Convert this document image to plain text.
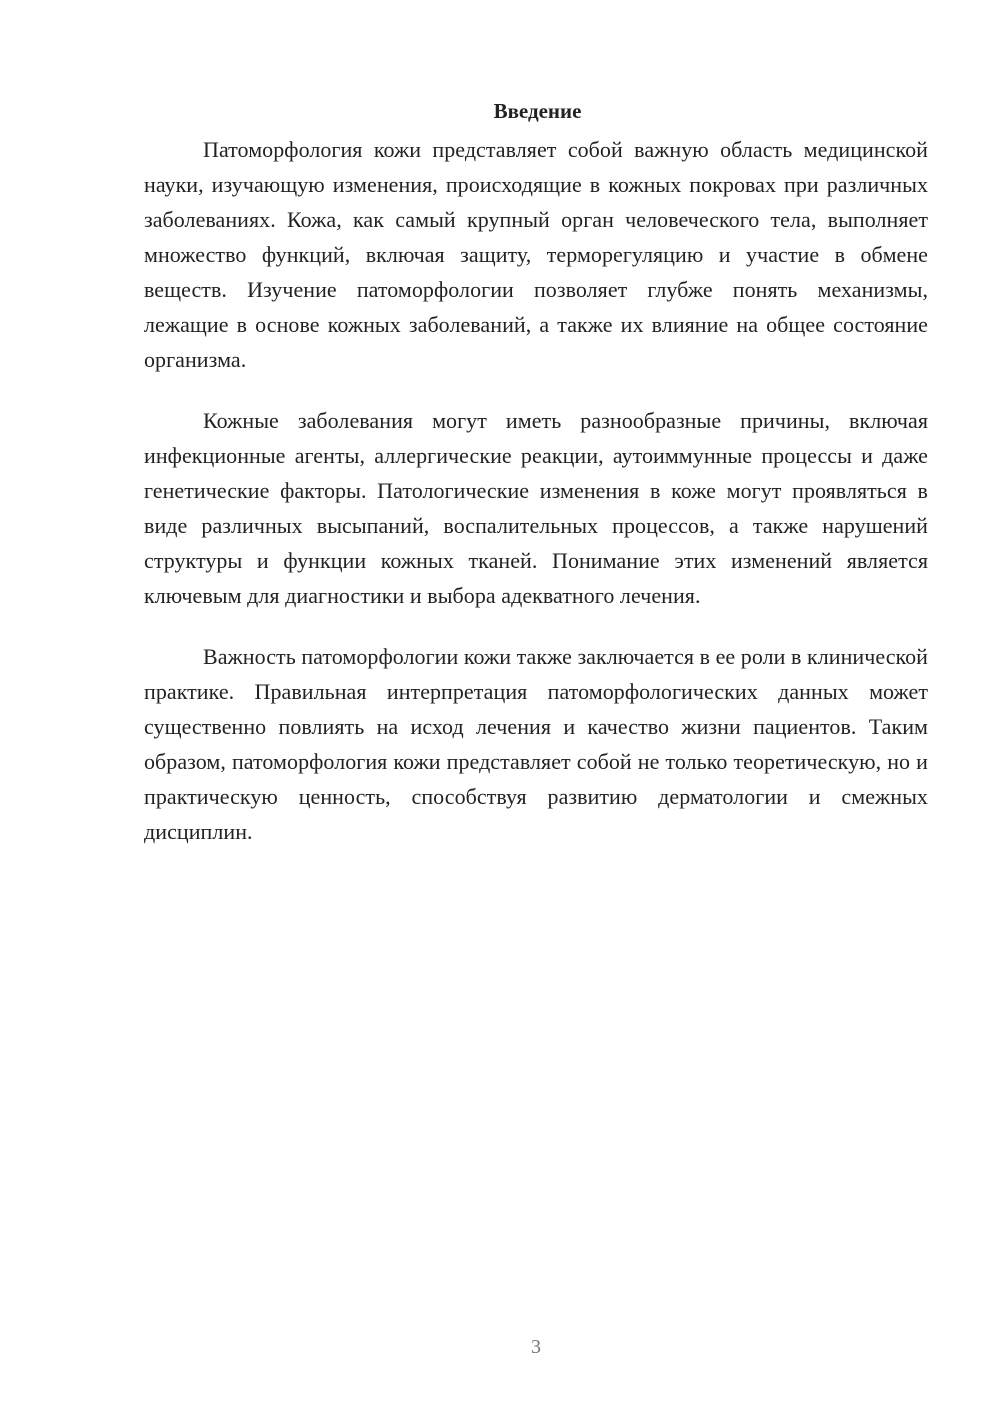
Введение

Патоморфология кожи представляет собой важную область медицинской науки, изучающую изменения, происходящие в кожных покровах при различных заболеваниях. Кожа, как самый крупный орган человеческого тела, выполняет множество функций, включая защиту, терморегуляцию и участие в обмене веществ. Изучение патоморфологии позволяет глубже понять механизмы, лежащие в основе кожных заболеваний, а также их влияние на общее состояние организма.

Кожные заболевания могут иметь разнообразные причины, включая инфекционные агенты, аллергические реакции, аутоиммунные процессы и даже генетические факторы. Патологические изменения в коже могут проявляться в виде различных высыпаний, воспалительных процессов, а также нарушений структуры и функции кожных тканей. Понимание этих изменений является ключевым для диагностики и выбора адекватного лечения.

Важность патоморфологии кожи также заключается в ее роли в клинической практике. Правильная интерпретация патоморфологических данных может существенно повлиять на исход лечения и качество жизни пациентов. Таким образом, патоморфология кожи представляет собой не только теоретическую, но и практическую ценность, способствуя развитию дерматологии и смежных дисциплин.

3
